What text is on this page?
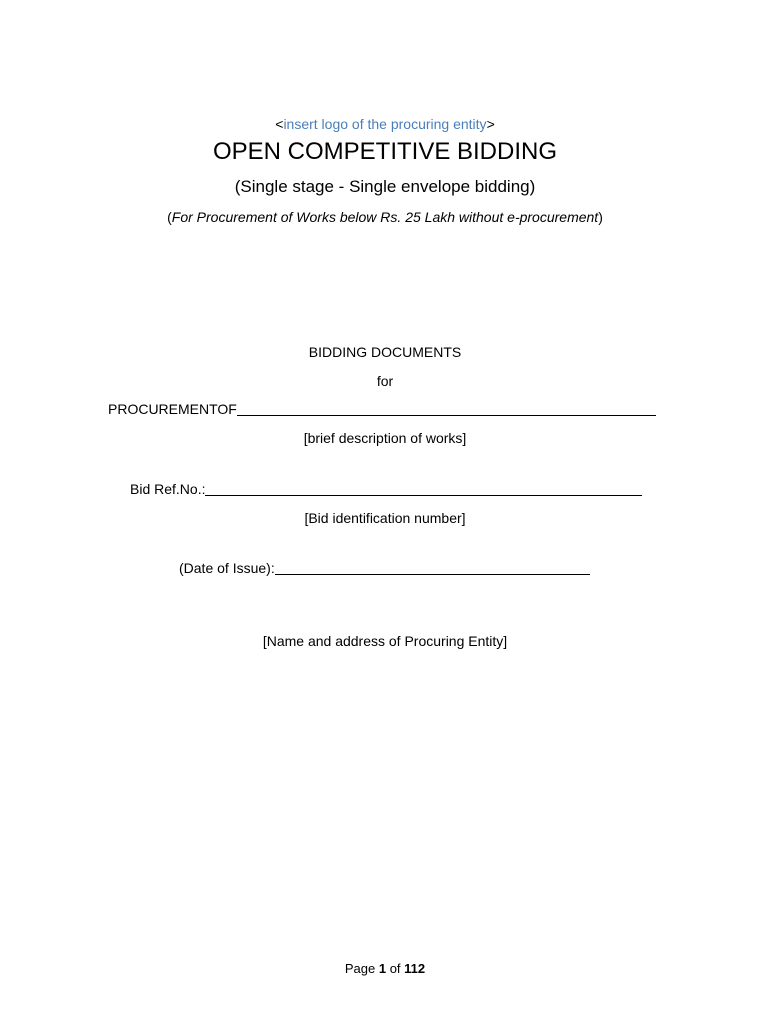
<insert logo of the procuring entity>
OPEN COMPETITIVE BIDDING
(Single stage - Single envelope bidding)
(For Procurement of Works below Rs. 25 Lakh without e-procurement)
BIDDING DOCUMENTS
for
PROCUREMENTOF
[brief description of works]
Bid Ref.No.:
[Bid identification number]
(Date of Issue):
[Name and address of Procuring Entity]
Page 1 of 112
